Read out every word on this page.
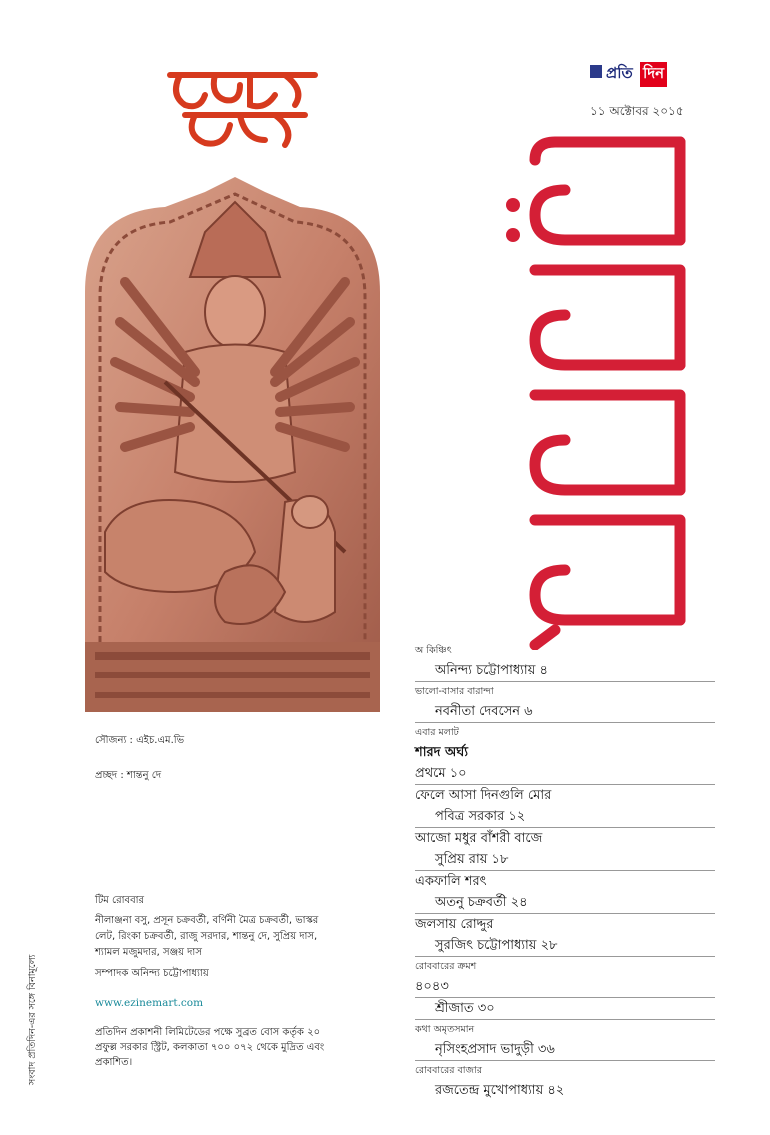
প্রতি দিন
১১ অক্টোবর ২০১৫
সৌজন্য : এইচ.এম.ভি
প্রচ্ছদ : শান্তনু দে
টিম রোববার
নীলাঞ্জনা বসু, প্রসূন চক্রবর্তী, বর্ণিনী মৈত্র চক্রবর্তী, ভাস্কর লেট, রিংকা চক্রবর্তী, রাজু সরদার, শান্তনু দে, সুপ্রিয় দাস, শ্যামল মজুমদার, সঞ্জয় দাস
সম্পাদক অনিন্দ্য চট্টোপাধ্যায়
www.ezinemart.com
প্রতিদিন প্রকাশনী লিমিটেডের পক্ষে সুব্রত বোস কর্তৃক ২০ প্রফুল্ল সরকার স্ট্রিট, কলকাতা ৭০০ ০৭২ থেকে মুদ্রিত এবং প্রকাশিত।
সংবাদ প্রতিদিন-এর সঙ্গে বিনামূল্যে
অ কিঞ্চিৎ
অনিন্দ্য চট্টোপাধ্যায় ৪
ভালো-বাসার বারান্দা
নবনীতা দেবসেন ৬
এবার মলাট
শারদ অর্ঘ্য
প্রথমে ১০
ফেলে আসা দিনগুলি মোর
পবিত্র সরকার ১২
আজো মধুর বাঁশরী বাজে
সুপ্রিয় রায় ১৮
একফালি শরৎ
অতনু চক্রবর্তী ২৪
জলসায় রোদ্দুর
সুরজিৎ চট্টোপাধ্যায় ২৮
রোববারের ক্রমশ
৪০৪৩
শ্রীজাত ৩০
কথা অমৃতসমান
নৃসিংহপ্রসাদ ভাদুড়ী ৩৬
রোববারের বাজার
রজতেন্দ্র মুখোপাধ্যায় ৪২
